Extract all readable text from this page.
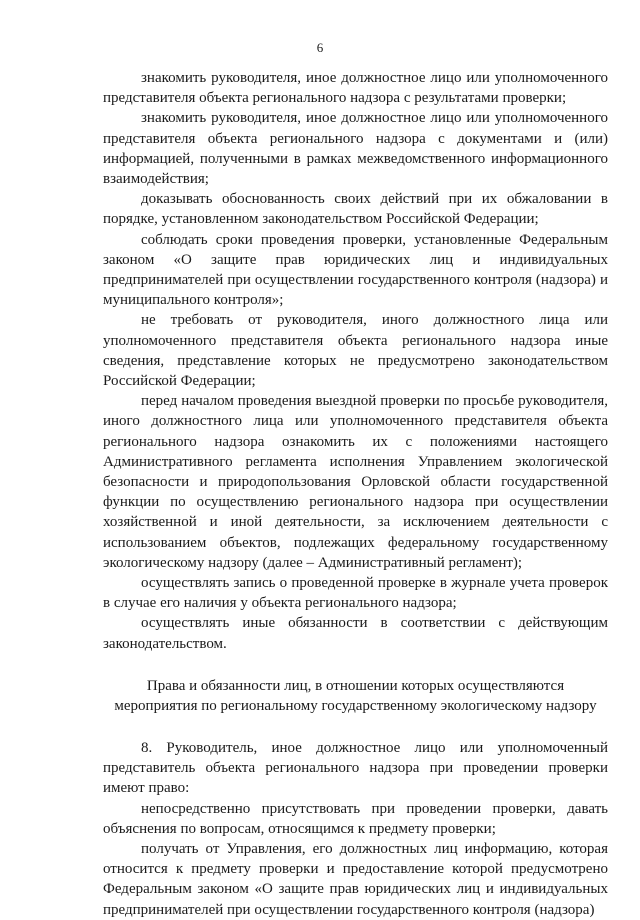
6

знакомить руководителя, иное должностное лицо или уполномоченного представителя объекта регионального надзора с результатами проверки;

знакомить руководителя, иное должностное лицо или уполномоченного представителя объекта регионального надзора с документами и (или) информацией, полученными в рамках межведомственного информационного взаимодействия;

доказывать обоснованность своих действий при их обжаловании в порядке, установленном законодательством Российской Федерации;

соблюдать сроки проведения проверки, установленные Федеральным законом «О защите прав юридических лиц и индивидуальных предпринимателей при осуществлении государственного контроля (надзора) и муниципального контроля»;

не требовать от руководителя, иного должностного лица или уполномоченного представителя объекта регионального надзора иные сведения, представление которых не предусмотрено законодательством Российской Федерации;

перед началом проведения выездной проверки по просьбе руководителя, иного должностного лица или уполномоченного представителя объекта регионального надзора ознакомить их с положениями настоящего Административного регламента исполнения Управлением экологической безопасности и природопользования Орловской области государственной функции по осуществлению регионального надзора при осуществлении хозяйственной и иной деятельности, за исключением деятельности с использованием объектов, подлежащих федеральному государственному экологическому надзору (далее – Административный регламент);

осуществлять запись о проведенной проверке в журнале учета проверок в случае его наличия у объекта регионального надзора;

осуществлять иные обязанности в соответствии с действующим законодательством.

Права и обязанности лиц, в отношении которых осуществляются
мероприятия по региональному государственному экологическому надзору

8. Руководитель, иное должностное лицо или уполномоченный представитель объекта регионального надзора при проведении проверки имеют право:

непосредственно присутствовать при проведении проверки, давать объяснения по вопросам, относящимся к предмету проверки;

получать от Управления, его должностных лиц информацию, которая относится к предмету проверки и предоставление которой предусмотрено Федеральным законом «О защите прав юридических лиц и индивидуальных предпринимателей при осуществлении государственного контроля (надзора)
